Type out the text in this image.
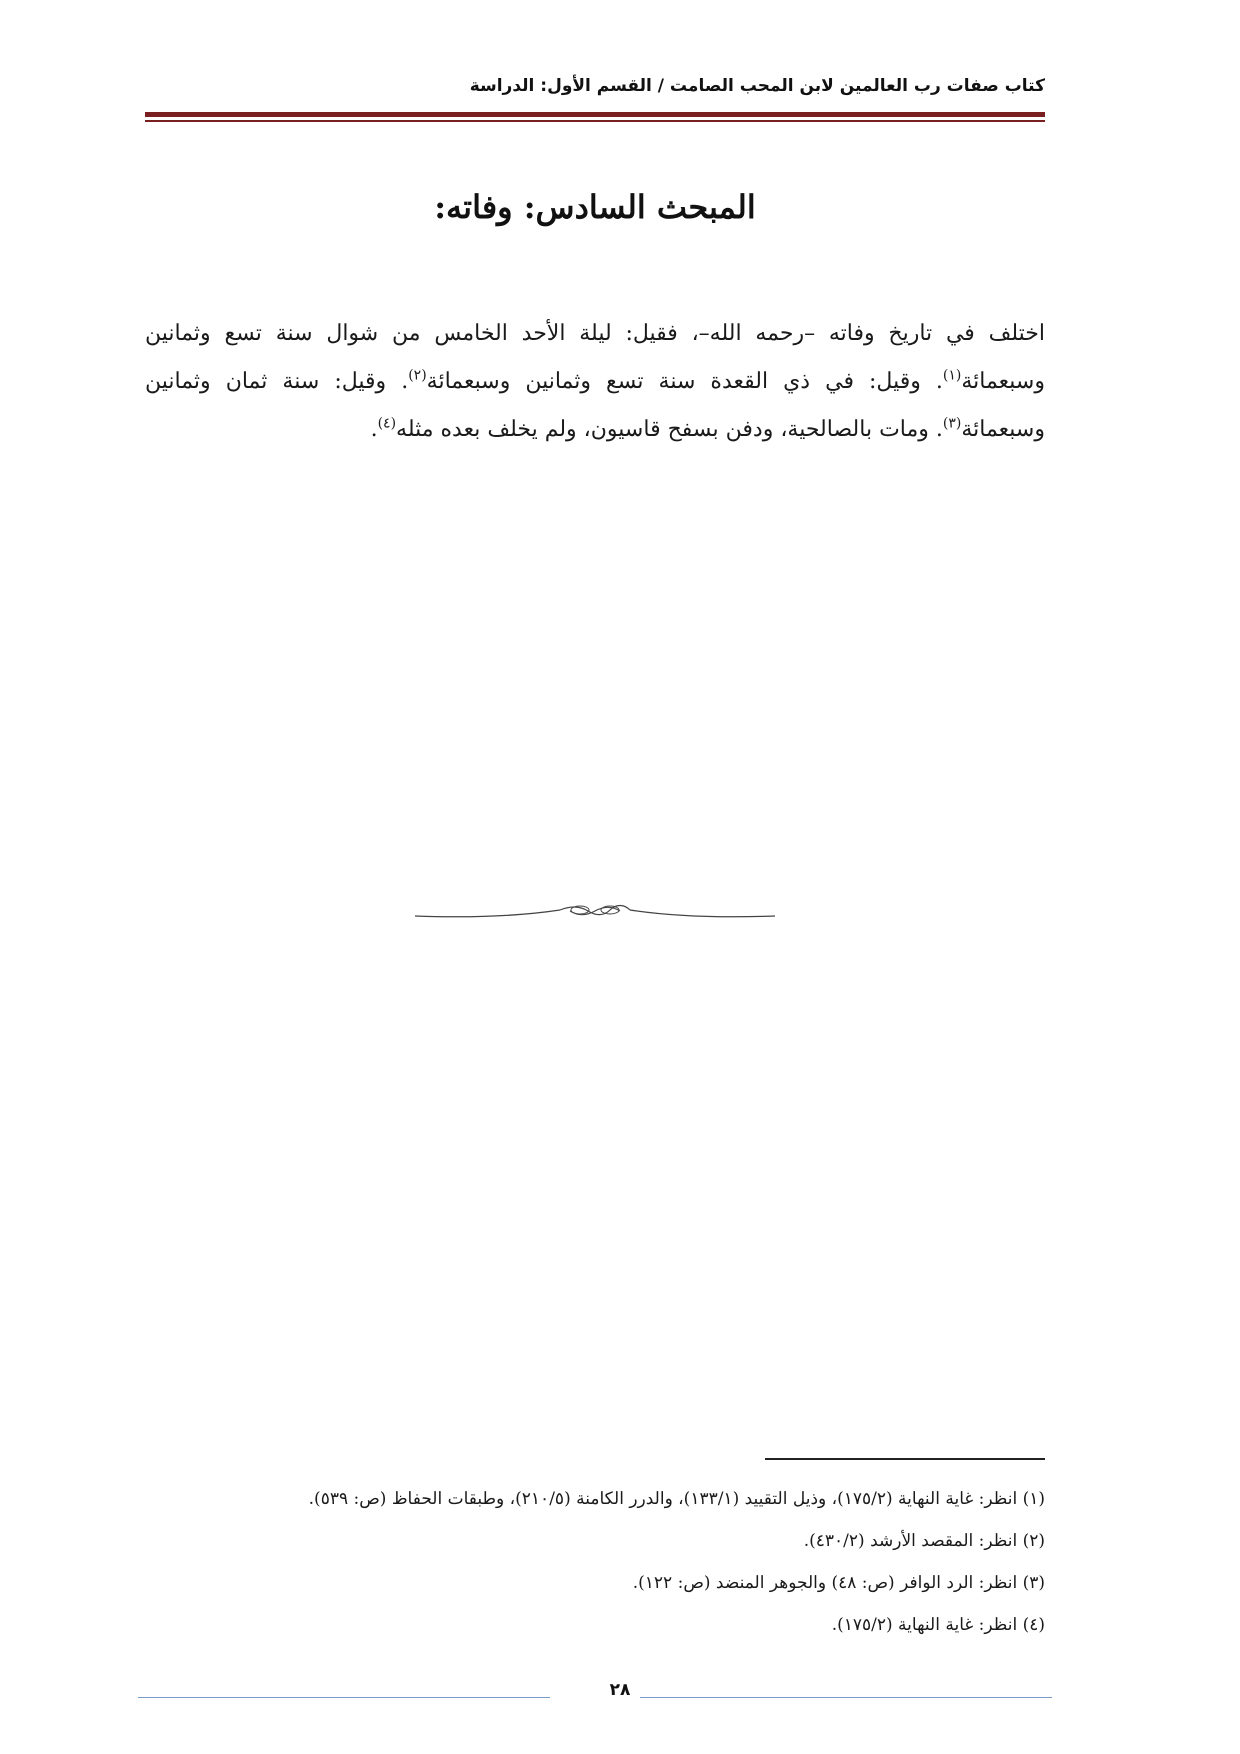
كتاب صفات رب العالمين لابن المحب الصامت / القسم الأول: الدراسة
المبحث السادس: وفاته:

اختلف في تاريخ وفاته –رحمه الله–، فقيل: ليلة الأحد الخامس من شوال سنة تسع وثمانين وسبعمائة$^{(١)}$. وقيل: في ذي القعدة سنة تسع وثمانين وسبعمائة$^{(٢)}$. وقيل: سنة ثمان وثمانين وسبعمائة$^{(٣)}$. ومات بالصالحية، ودفن بسفح قاسيون، ولم يخلف بعده مثله$^{(٤)}$.

(١) انظر: غاية النهاية (١٧٥/٢)، وذيل التقييد (١٣٣/١)، والدرر الكامنة (٢١٠/٥)، وطبقات الحفاظ (ص: ٥٣٩).
(٢) انظر: المقصد الأرشد (٤٣٠/٢).
(٣) انظر: الرد الوافر (ص: ٤٨) والجوهر المنضد (ص: ١٢٢).
(٤) انظر: غاية النهاية (١٧٥/٢).
٢٨
